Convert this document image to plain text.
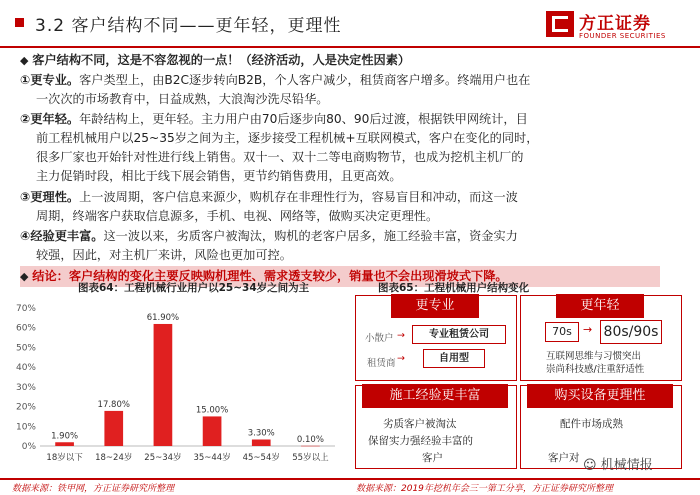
3.2 客户结构不同——更年轻，更理性	方正证券
FOUNDER SECURITIES
◆ 客户结构不同，这是不容忽视的一点！（经济活动，人是决定性因素）
①更专业。客户类型上，由B2C逐步转向B2B，个人客户减少，租赁商客户增多。终端用户也在
一次次的市场教育中，日益成熟，大浪淘沙洗尽铅华。
②更年轻。年龄结构上，更年轻。主力用户由70后逐步向80、90后过渡，根据铁甲网统计，目
前工程机械用户以25~35岁之间为主，逐步接受工程机械+互联网模式，客户在变化的同时，
很多厂家也开始针对性进行线上销售。双十一、双十二等电商购物节，也成为挖机主机厂的
主力促销时段，相比于线下展会销售，更节约销售费用，且更高效。
③更理性。上一波周期，客户信息来源少，购机存在非理性行为，容易盲目和冲动，而这一波
周期，终端客户获取信息源多，手机、电视、网络等，做购买决定更理性。
④经验更丰富。这一波以来，劣质客户被淘汰，购机的老客户居多，施工经验丰富，资金实力
较强，因此，对主机厂来讲，风险也更加可控。
◆ 结论：客户结构的变化主要反映购机理性、需求透支较少，销量也不会出现滑坡式下降。
图表64：工程机械行业用户以25~34岁之间为主
0%
10%
20%
30%
40%
50%
60%
70%
1.90%
18岁以下
17.80%
18~24岁
61.90%
25~34岁
15.00%
35~44岁
3.30%
45~54岁
0.10%
55岁以上
数据来源：铁甲网，方正证券研究所整理
图表65：工程机械用户结构变化
更专业
小散户
租赁商
→
→
专业租赁公司
自用型
更年轻
70s	→ 80s/90s
互联网思维与习惯突出
崇尚科技感/注重舒适性
施工经验更丰富
劣质客户被淘汰
保留实力强经验丰富的
客户
购买设备更理性
配件市场成熟
客户对
数据来源：2019年挖机年会三一第工分享，方正证券研究所整理
☺ 机械情报
